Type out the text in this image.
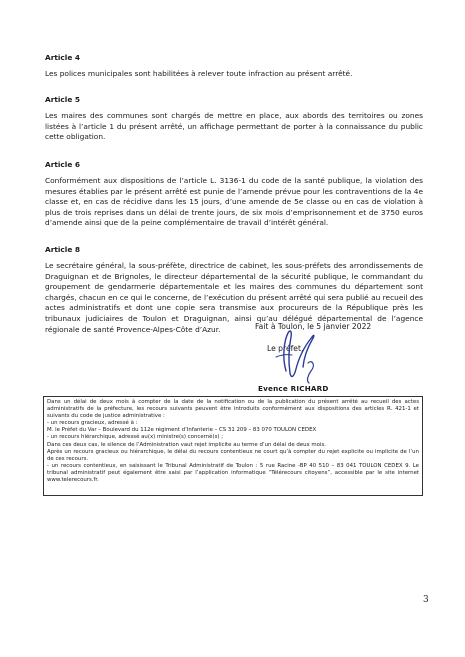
Article 4

Les polices municipales sont habilitées à relever toute infraction au présent arrêté.

Article 5

Les maires des communes sont chargés de mettre en place, aux abords des territoires ou zones listées à l’article 1 du présent arrêté, un affichage permettant de porter à la connaissance du public cette obligation.

Article 6

Conformément aux dispositions de l’article L. 3136-1 du code de la santé publique, la violation des mesures établies par le présent arrêté est punie de l’amende prévue pour les contraventions de la 4e classe et, en cas de récidive dans les 15 jours, d’une amende de 5e classe ou en cas de violation à plus de trois reprises dans un délai de trente jours, de six mois d’emprisonnement et de 3750 euros d’amende ainsi que de la peine complémentaire de travail d’intérêt général.

Article 8

Le secrétaire général, la sous-préfète, directrice de cabinet, les sous-préfets des arrondissements de Draguignan et de Brignoles, le directeur départemental de la sécurité publique, le commandant du groupement de gendarmerie départementale et les maires des communes du département sont chargés, chacun en ce qui le concerne, de l’exécution du présent arrêté qui sera publié au recueil des actes administratifs et dont une copie sera transmise aux procureurs de la République près les tribunaux judiciaires de Toulon et Draguignan, ainsi qu’au délégué départemental de l’agence régionale de santé Provence-Alpes-Côte d’Azur.	Fait à Toulon, le 5 janvier 2022
Le préfet,
Evence RICHARD

Dans un délai de deux mois à compter de la date de la notification ou de la publication du présent arrêté au recueil des actes administratifs de la préfecture, les recours suivants peuvent être introduits conformément aux dispositions des articles R. 421-1 et suivants du code de justice administrative :

- un recours gracieux, adressé à :

M. le Préfet du Var – Boulevard du 112e régiment d’Infanterie – CS 31 209 – 83 070 TOULON CEDEX

- un recours hiérarchique, adressé au(x) ministre(s) concerné(s) ;

Dans ces deux cas, le silence de l’Administration vaut rejet implicite au terme d’un délai de deux mois.

Après un recours gracieux ou hiérarchique, le délai du recours contentieux ne court qu’à compter du rejet explicite ou implicite de l’un de ces recours.

- un recours contentieux, en saisissant le Tribunal Administratif de Toulon : 5 rue Racine -BP 40 510 – 83 041 TOULON CEDEX 9. Le tribunal administratif peut également être saisi par l’application informatique “Télérecours citoyens”, accessible par le site internet www.telerecours.fr.

3
